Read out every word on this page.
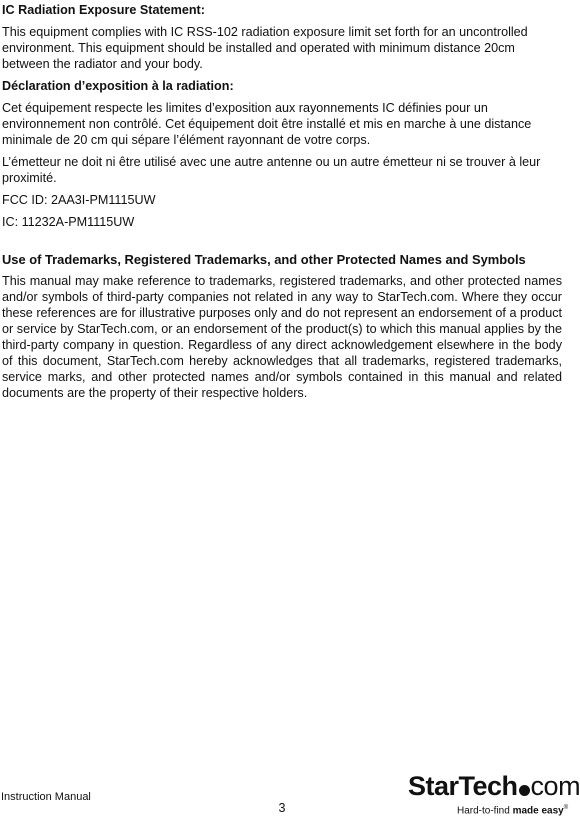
IC Radiation Exposure Statement:
This equipment complies with IC RSS-102 radiation exposure limit set forth for an uncontrolled environment. This equipment should be installed and operated with minimum distance 20cm between the radiator and your body.
Déclaration d’exposition à la radiation:
Cet équipement respecte les limites d’exposition aux rayonnements IC définies pour un environnement non contrôlé. Cet équipement doit être installé et mis en marche à une distance minimale de 20 cm qui sépare l’élément rayonnant de votre corps.
L’émetteur ne doit ni être utilisé avec une autre antenne ou un autre émetteur ni se trouver à leur proximité.
FCC ID: 2AA3I-PM1115UW
IC: 11232A-PM1115UW
Use of Trademarks, Registered Trademarks, and other Protected Names and Symbols

This manual may make reference to trademarks, registered trademarks, and other protected names and/or symbols of third-party companies not related in any way to StarTech.com. Where they occur these references are for illustrative purposes only and do not represent an endorsement of a product or service by StarTech.com, or an endorsement of the product(s) to which this manual applies by the third-party company in question. Regardless of any direct acknowledgement elsewhere in the body of this document, StarTech.com hereby acknowledges that all trademarks, registered trademarks, service marks, and other protected names and/or symbols contained in this manual and related documents are the property of their respective holders.

Instruction Manual
3
StarTech com
Hard-to-find made easy®
